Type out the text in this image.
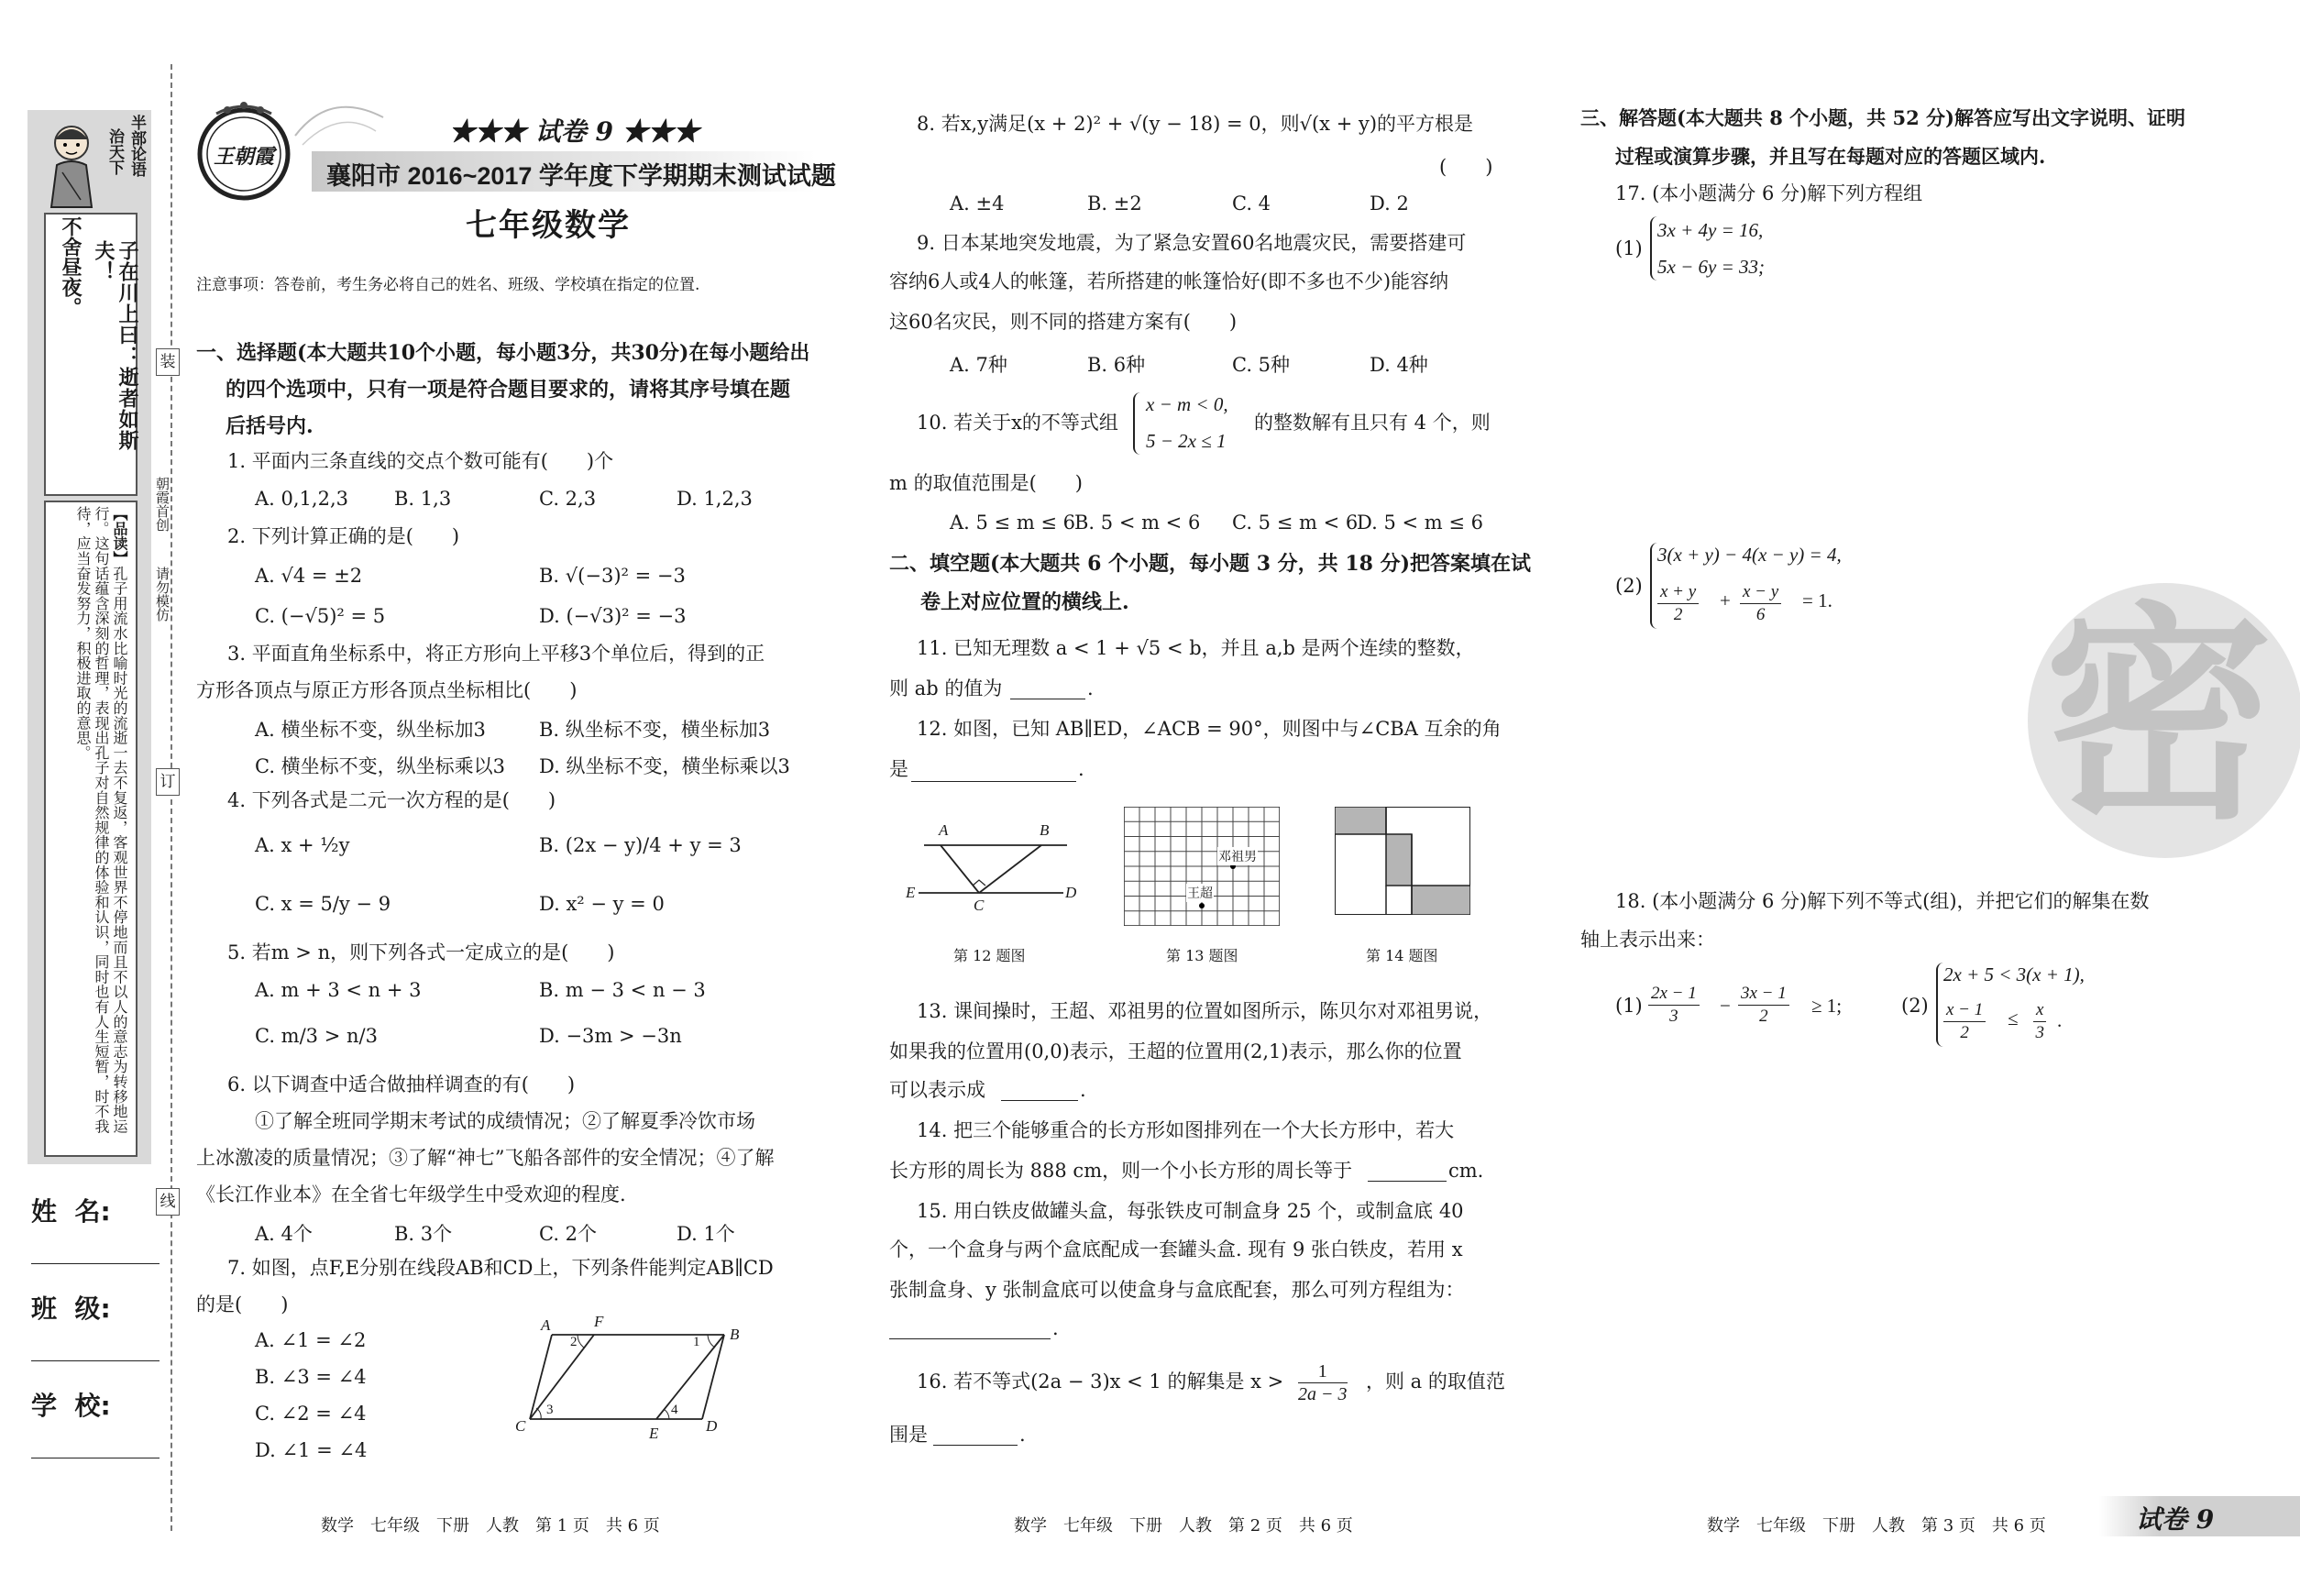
半部论语
治天下
子在川上曰：逝者如斯夫！
不舍昼夜。
【品读】孔子用流水比喻时光的流逝一去不复返，客观世界不停地而且不以人的意志为转移地运行。这句话蕴含深刻的哲理，表现出孔子对自然规律的体验和认识，同时也有人生短暂，时不我待，应当奋发努力，积极进取的意思。
姓  名:
班  级:
学  校:
装
订
线
朝霞首创
请勿模仿
王朝霞
★★★ 试卷 9 ★★★
襄阳市 2016~2017 学年度下学期期末测试试题
七年级数学
注意事项：答卷前，考生务必将自己的姓名、班级、学校填在指定的位置.
一、选择题(本大题共10个小题，每小题3分，共30分)在每小题给出
的四个选项中，只有一项是符合题目要求的，请将其序号填在题
后括号内.
1. 平面内三条直线的交点个数可能有(　　)个
A. 0,1,2,3 B. 1,3	C. 2,3	D. 1,2,3
2. 下列计算正确的是(　　)
A. √4 = ±2	B. √(−3)² = −3
C. (−√5)² = 5	D. (−√3)² = −3
3. 平面直角坐标系中，将正方形向上平移3个单位后，得到的正
方形各顶点与原正方形各顶点坐标相比(　　)
A. 横坐标不变，纵坐标加3	B. 纵坐标不变，横坐标加3
C. 横坐标不变，纵坐标乘以3 D. 纵坐标不变，横坐标乘以3
4. 下列各式是二元一次方程的是(　　)
A. x + ½y	B. (2x − y)/4 + y = 3
C. x = 5/y − 9	D. x² − y = 0
5. 若m > n，则下列各式一定成立的是(　　)
A. m + 3 < n + 3	B. m − 3 < n − 3
C. m/3 > n/3	D. −3m > −3n
6. 以下调查中适合做抽样调查的有(　　)
①了解全班同学期末考试的成绩情况；②了解夏季冷饮市场
上冰激凌的质量情况；③了解“神七”飞船各部件的安全情况；④了解
《长江作业本》在全省七年级学生中受欢迎的程度.
A. 4个	B. 3个	C. 2个	D. 1个
7. 如图，点F,E分别在线段AB和CD上，下列条件能判定AB∥CD
的是(　　)
A. ∠1 = ∠2
B. ∠3 = ∠4
C. ∠2 = ∠4
D. ∠1 = ∠4
A	F
B
C	E	D
1
2
3	4
数学　七年级　下册　人教　第 1 页　共 6 页
8. 若x,y满足(x + 2)² + √(y − 18) = 0，则√(x + y)的平方根是
(　　)
A. ±4	B. ±2	C. 4	D. 2
9. 日本某地突发地震，为了紧急安置60名地震灾民，需要搭建可
容纳6人或4人的帐篷，若所搭建的帐篷恰好(即不多也不少)能容纳
这60名灾民，则不同的搭建方案有(　　)
A. 7种	B. 6种	C. 5种	D. 4种
10. 若关于x的不等式组
x − m < 0,
5 − 2x ≤ 1
的整数解有且只有 4 个，则
m 的取值范围是(　　)
A. 5 ≤ m ≤ 6
B. 5 < m < 6 C. 5 ≤ m < 6
D. 5 < m ≤ 6
二、填空题(本大题共 6 个小题，每小题 3 分，共 18 分)把答案填在试
卷上对应位置的横线上.
11. 已知无理数 a < 1 + √5 < b，并且 a,b 是两个连续的整数，
则 ab 的值为	.
12. 如图，已知 AB∥ED，∠ACB = 90°，则图中与∠CBA 互余的角
是	.
A	B
C
E	D
第 12 题图
邓祖男
王超
第 13 题图	第 14 题图
13. 课间操时，王超、邓祖男的位置如图所示，陈贝尔对邓祖男说，
如果我的位置用(0,0)表示，王超的位置用(2,1)表示，那么你的位置
可以表示成	.
14. 把三个能够重合的长方形如图排列在一个大长方形中，若大
长方形的周长为 888 cm，则一个小长方形的周长等于	cm.
15. 用白铁皮做罐头盒，每张铁皮可制盒身 25 个，或制盒底 40
个，一个盒身与两个盒底配成一套罐头盒. 现有 9 张白铁皮，若用 x
张制盒身、y 张制盒底可以使盒身与盒底配套，那么可列方程组为：
.
16. 若不等式(2a − 3)x < 1 的解集是 $x > \frac{1}{2a - 3}$ ，则 a 的取值范
围是	.
数学　七年级　下册　人教　第 2 页　共 6 页
密
三、解答题(本大题共 8 个小题，共 52 分)解答应写出文字说明、证明
过程或演算步骤，并且写在每题对应的答题区域内.
17. (本小题满分 6 分)解下列方程组
(1)
3x + 4y = 16,
5x − 6y = 33;
(2)
3(x + y) − 4(x − y) = 4,
$\frac{x + y}{2} + \frac{x - y}{6} = 1$.
18. (本小题满分 6 分)解下列不等式(组)，并把它们的解集在数
轴上表示出来：
$(1) \frac{2x - 1}{3} - \frac{3x - 1}{2} \ge 1$;	(2)
2x + 5 < 3(x + 1),
$\frac{x - 1}{2} \le \frac{x}{3}$ .
数学　七年级　下册　人教　第 3 页　共 6 页	试卷 9
